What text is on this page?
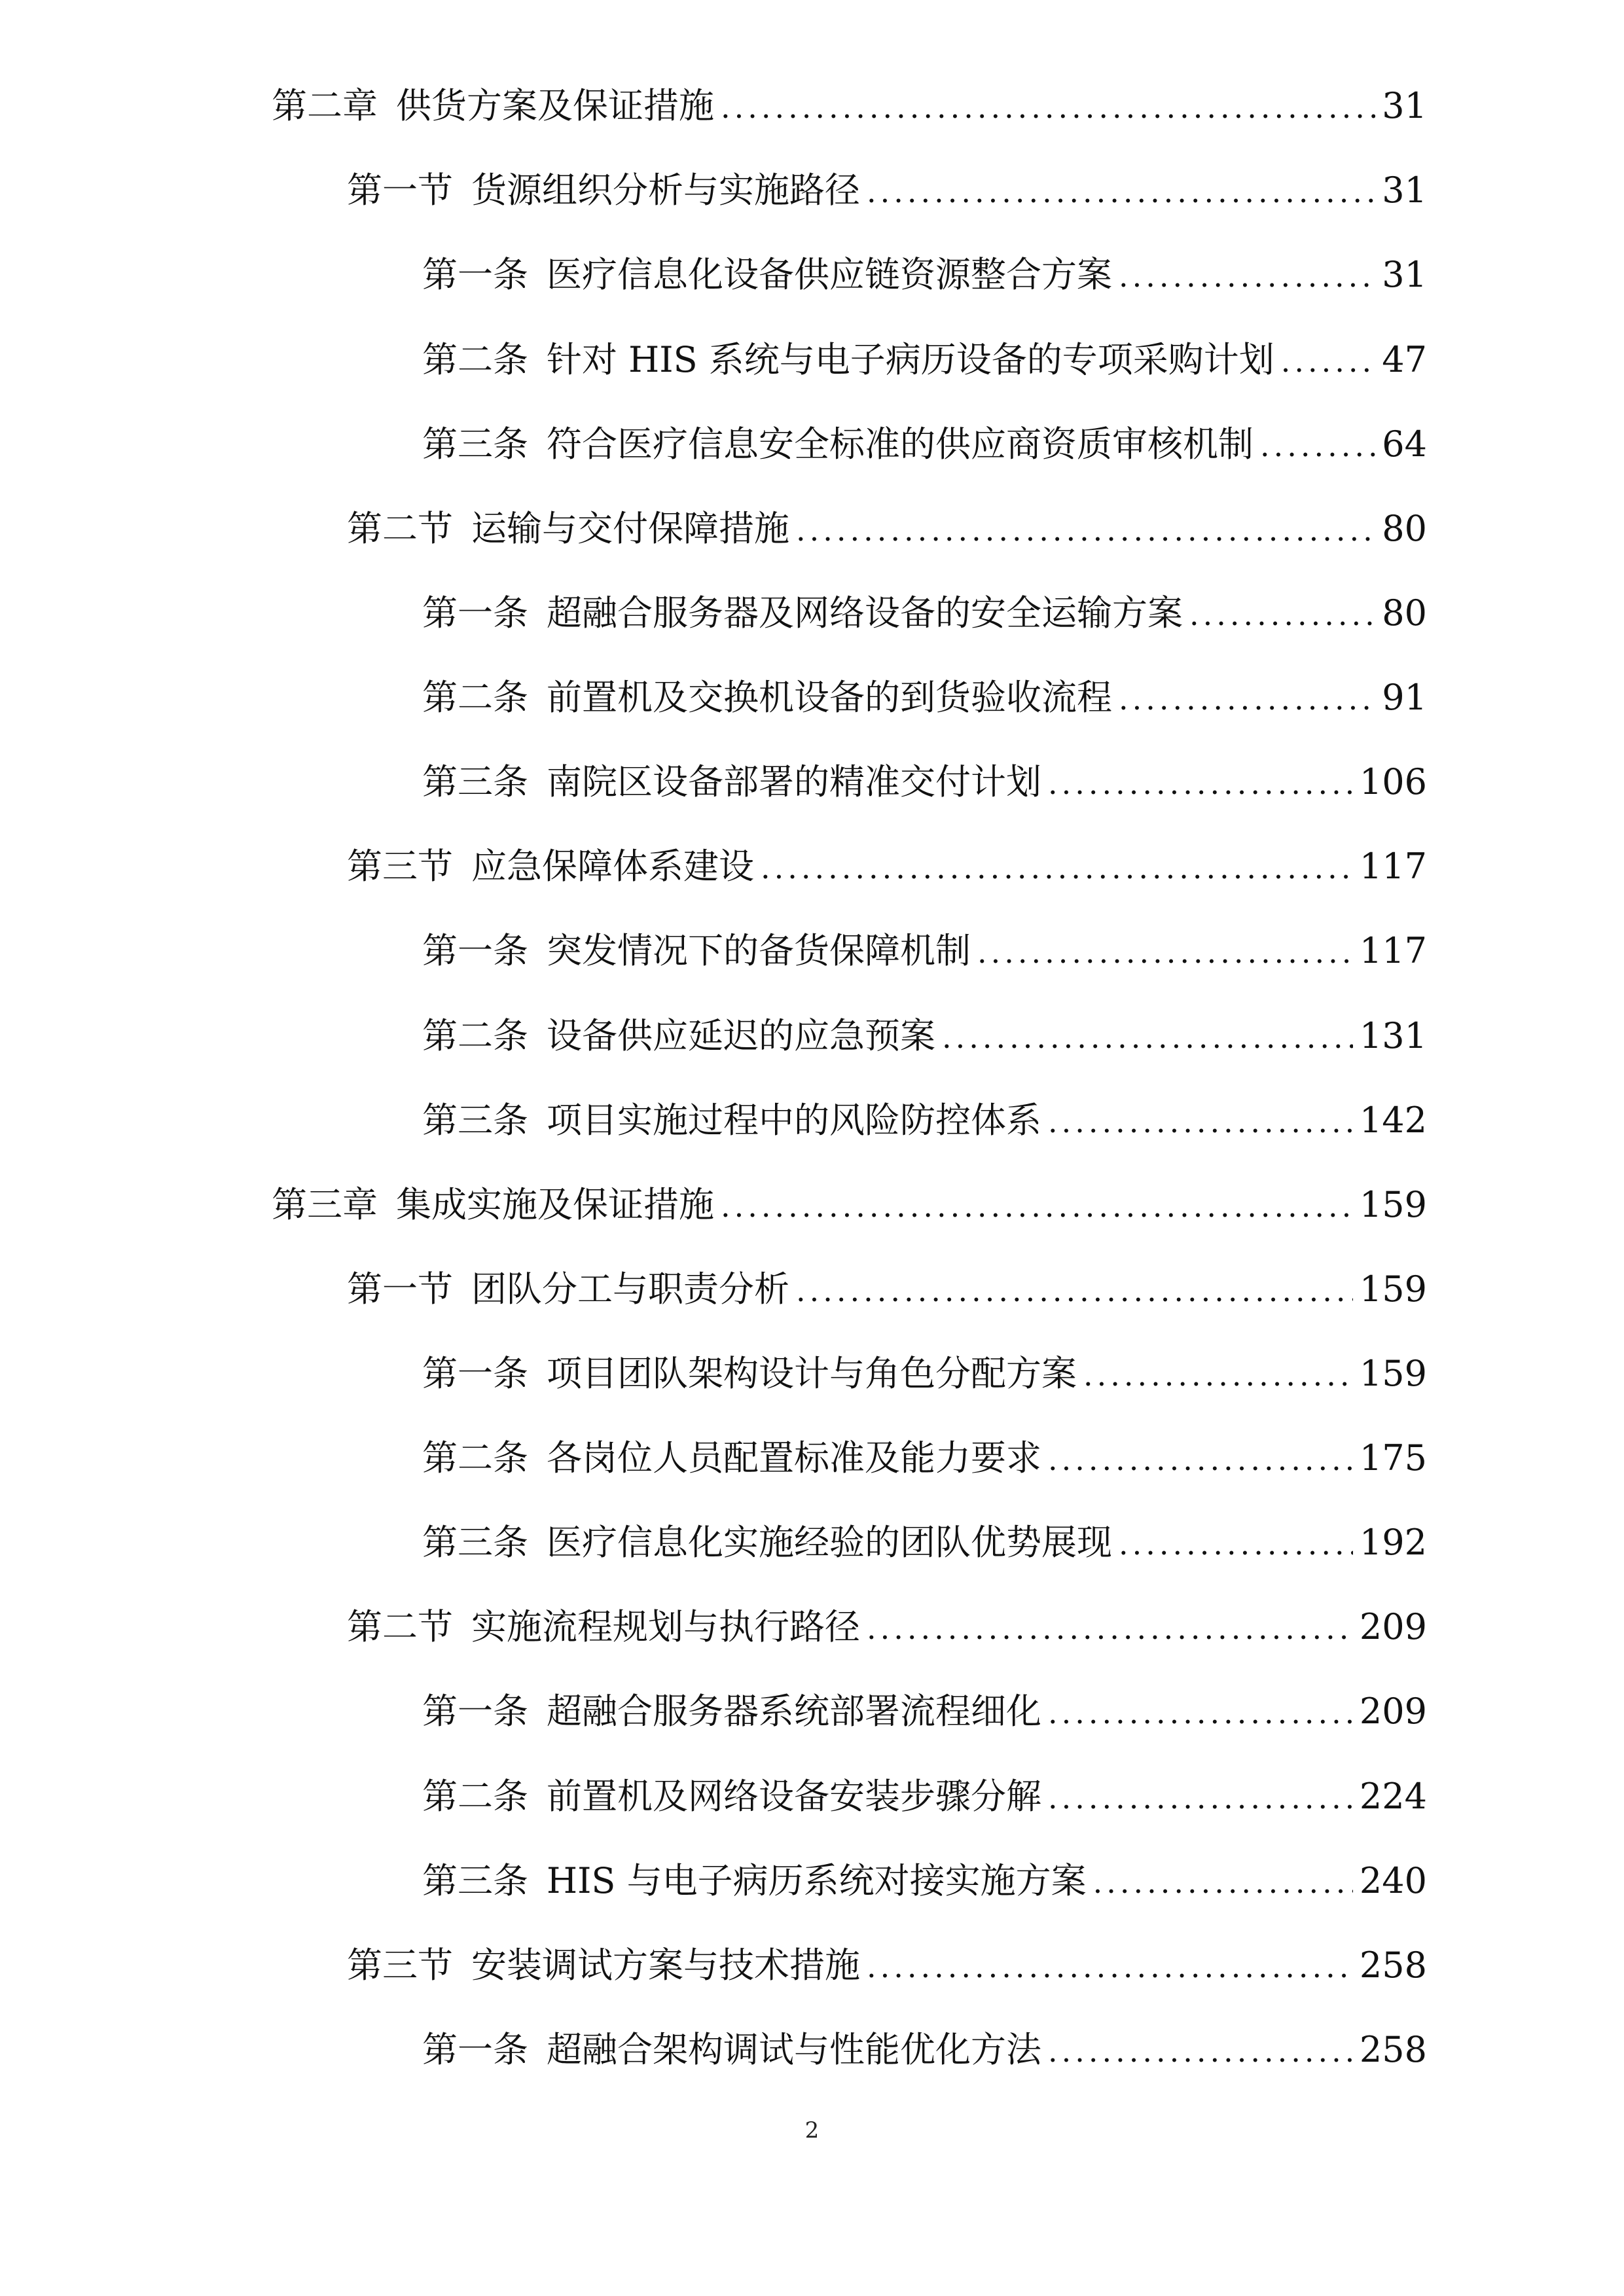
第二章 供货方案及保证措施 .....	31
第一节 货源组织分析与实施路径 .....	31
第一条 医疗信息化设备供应链资源整合方案 .....	31
第二条 针对 HIS 系统与电子病历设备的专项采购计划 .....	47
第三条 符合医疗信息安全标准的供应商资质审核机制 .....	64
第二节 运输与交付保障措施 .....	80
第一条 超融合服务器及网络设备的安全运输方案 .....	80
第二条 前置机及交换机设备的到货验收流程 .....	91
第三条 南院区设备部署的精准交付计划 .....	106
第三节 应急保障体系建设 .....	117
第一条 突发情况下的备货保障机制 .....	117
第二条 设备供应延迟的应急预案 .....	131
第三条 项目实施过程中的风险防控体系 .....	142
第三章 集成实施及保证措施 .....	159
第一节 团队分工与职责分析 .....	159
第一条 项目团队架构设计与角色分配方案 .....	159
第二条 各岗位人员配置标准及能力要求 .....	175
第三条 医疗信息化实施经验的团队优势展现 .....	192
第二节 实施流程规划与执行路径 .....	209
第一条 超融合服务器系统部署流程细化 .....	209
第二条 前置机及网络设备安装步骤分解 .....	224
第三条 HIS 与电子病历系统对接实施方案 .....	240
第三节 安装调试方案与技术措施 .....	258
第一条 超融合架构调试与性能优化方法 .....	258
2
